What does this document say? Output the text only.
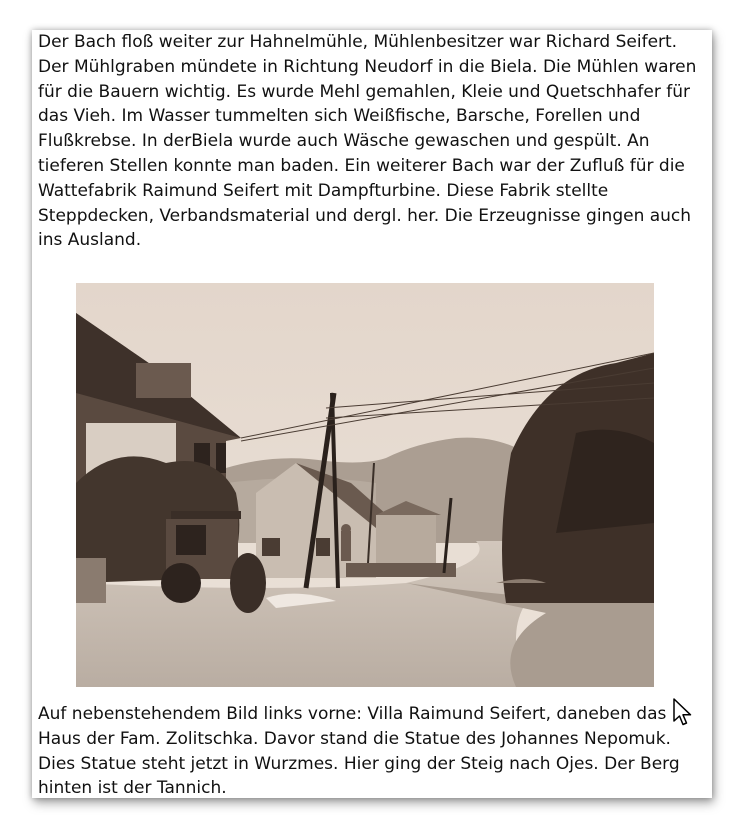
Der Bach floß weiter zur Hahnelmühle, Mühlenbesitzer war Richard Seifert. Der Mühlgraben mündete in Richtung Neudorf in die Biela. Die Mühlen waren für die Bauern wichtig. Es wurde Mehl gemahlen, Kleie und Quetschhafer für das Vieh. Im Wasser tummelten sich Weißfische, Barsche, Forellen und Flußkrebse. In derBiela wurde auch Wäsche gewaschen und gespült. An tieferen Stellen konnte man baden. Ein weiterer Bach war der Zufluß für die Wattefabrik Raimund Seifert mit Dampfturbine. Diese Fabrik stellte Steppdecken, Verbandsmaterial und dergl. her. Die Erzeugnisse gingen auch ins Ausland.

Auf nebenstehendem Bild links vorne: Villa Raimund Seifert, daneben das Haus der Fam. Zolitschka. Davor stand die Statue des Johannes Nepomuk. Dies Statue steht jetzt in Wurzmes. Hier ging der Steig nach Ojes. Der Berg hinten ist der Tannich.
